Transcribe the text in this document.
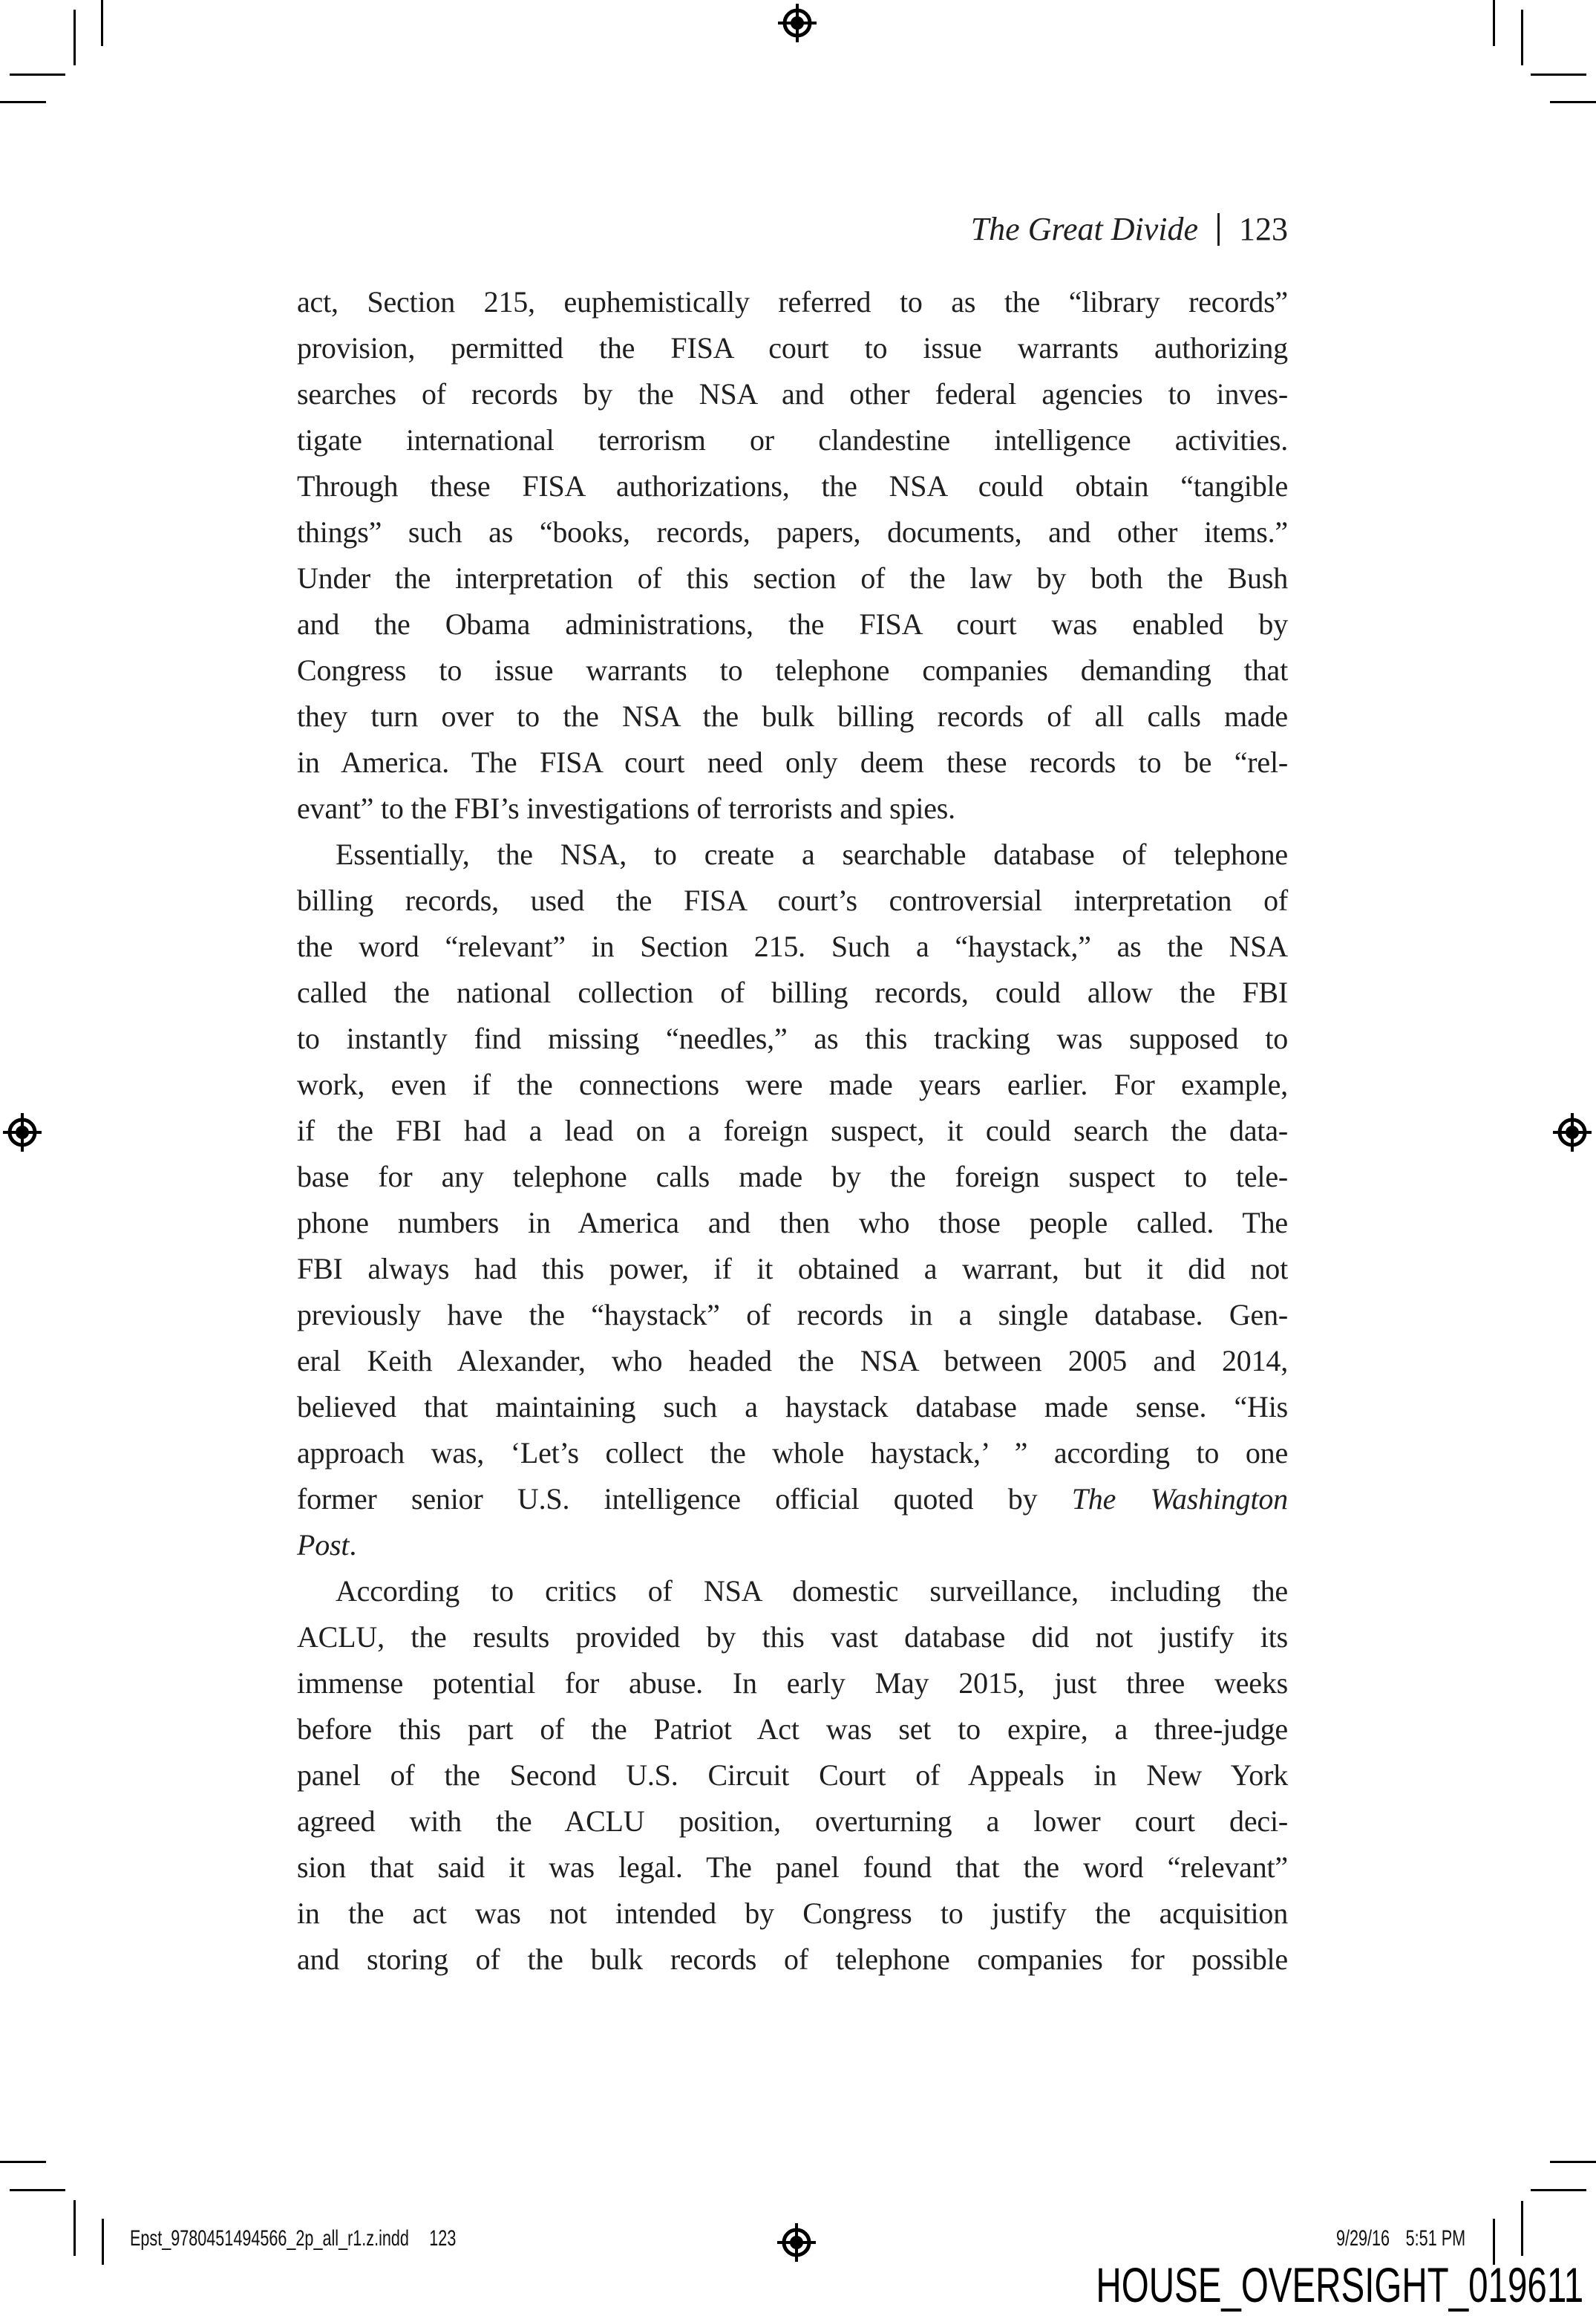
The Great Divide 123
act, Section 215, euphemistically referred to as the “library records”
provision, permitted the FISA court to issue warrants authorizing
searches of records by the NSA and other federal agencies to inves-
tigate international terrorism or clandestine intelligence activities.
Through these FISA authorizations, the NSA could obtain “tangible
things” such as “books, records, papers, documents, and other items.”
Under the interpretation of this section of the law by both the Bush
and the Obama administrations, the FISA court was enabled by
Congress to issue warrants to telephone companies demanding that
they turn over to the NSA the bulk billing records of all calls made
in America. The FISA court need only deem these records to be “rel-
evant” to the FBI’s investigations of terrorists and spies.
Essentially, the NSA, to create a searchable database of telephone
billing records, used the FISA court’s controversial interpretation of
the word “relevant” in Section 215. Such a “haystack,” as the NSA
called the national collection of billing records, could allow the FBI
to instantly find missing “needles,” as this tracking was supposed to
work, even if the connections were made years earlier. For example,
if the FBI had a lead on a foreign suspect, it could search the data-
base for any telephone calls made by the foreign suspect to tele-
phone numbers in America and then who those people called. The
FBI always had this power, if it obtained a warrant, but it did not
previously have the “haystack” of records in a single database. Gen-
eral Keith Alexander, who headed the NSA between 2005 and 2014,
believed that maintaining such a haystack database made sense. “His
approach was, ‘Let’s collect the whole haystack,’ ” according to one
former senior U.S. intelligence official quoted by The Washington
Post.
According to critics of NSA domestic surveillance, including the
ACLU, the results provided by this vast database did not justify its
immense potential for abuse. In early May 2015, just three weeks
before this part of the Patriot Act was set to expire, a three-judge
panel of the Second U.S. Circuit Court of Appeals in New York
agreed with the ACLU position, overturning a lower court deci-
sion that said it was legal. The panel found that the word “relevant”
in the act was not intended by Congress to justify the acquisition
and storing of the bulk records of telephone companies for possible
Epst_9780451494566_2p_all_r1.z.indd 123	9/29/16 5:51 PM
HOUSE_OVERSIGHT_019611
